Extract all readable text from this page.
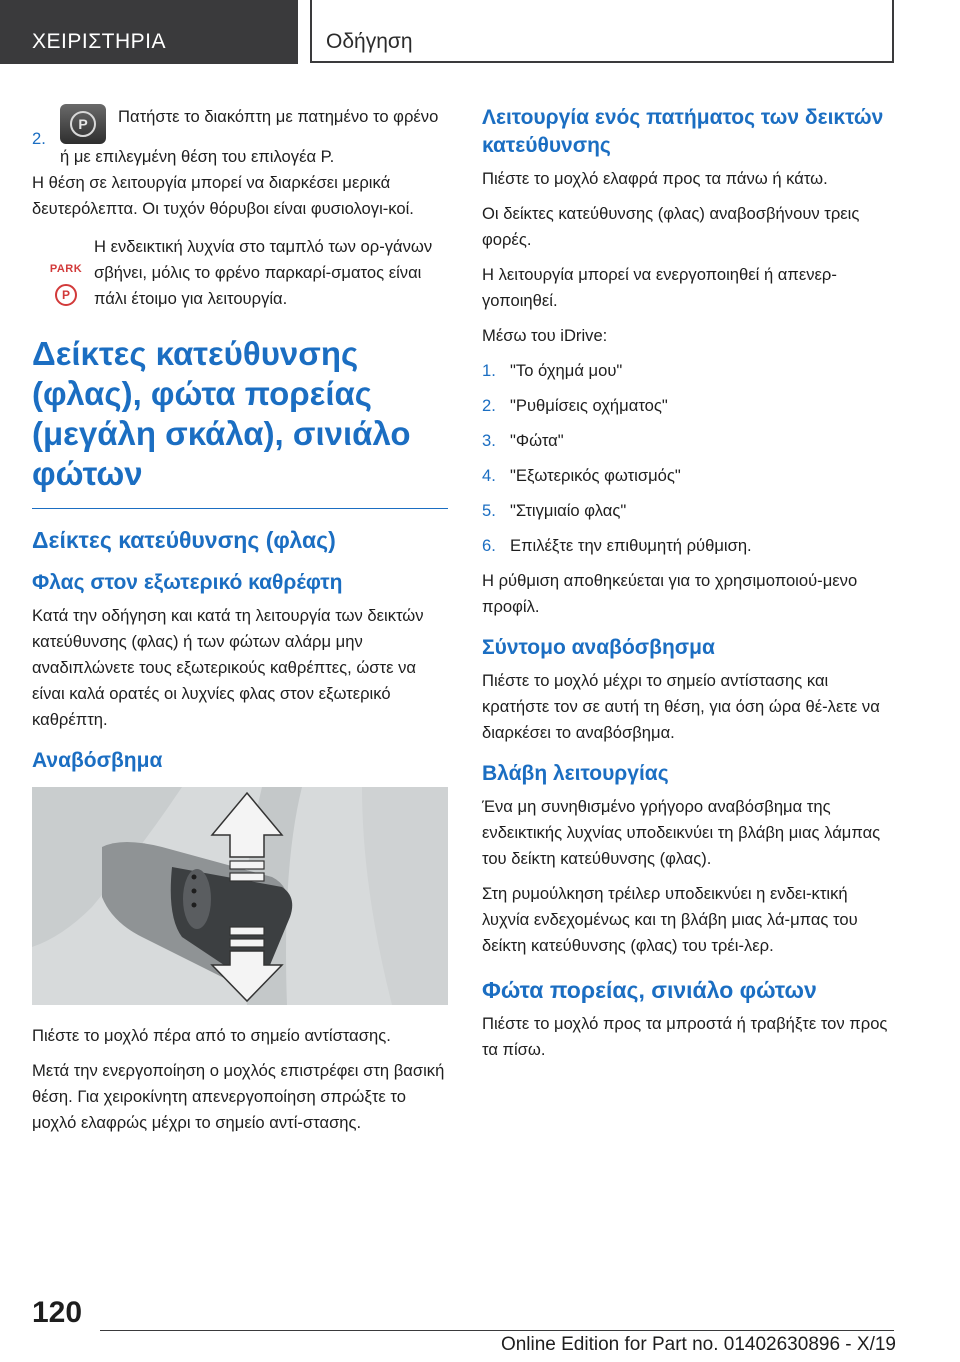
ΧΕΙΡΙΣΤΗΡΙΑ	Οδήγηση
2.
P	Πατήστε το διακόπτη με πατημένο το φρένο ή με επιλεγμένη θέση του επιλογέα P.

Η θέση σε λειτουργία μπορεί να διαρκέσει μερικά δευτερόλεπτα. Οι τυχόν θόρυβοι είναι φυσιολογι-κοί.

PARK
P
Η ενδεικτική λυχνία στο ταμπλό των ορ-γάνων σβήνει, μόλις το φρένο παρκαρί-σματος είναι πάλι έτοιμο για λειτουργία.
Δείκτες κατεύθυνσης (φλας), φώτα πορείας (μεγάλη σκάλα), σινιάλο φώτων
Δείκτες κατεύθυνσης (φλας)
Φλας στον εξωτερικό καθρέφτη

Κατά την οδήγηση και κατά τη λειτουργία των δεικτών κατεύθυνσης (φλας) ή των φώτων αλάρμ μην αναδιπλώνετε τους εξωτερικούς καθρέπτες, ώστε να είναι καλά ορατές οι λυχνίες φλας στον εξωτερικό καθρέπτη.

Αναβόσβημα

Πιέστε το μοχλό πέρα από το σημείο αντίστασης.

Μετά την ενεργοποίηση ο μοχλός επιστρέφει στη βασική θέση. Για χειροκίνητη απενεργοποίηση σπρώξτε το μοχλό ελαφρώς μέχρι το σημείο αντί-στασης.

Λειτουργία ενός πατήματος των δεικτών κατεύθυνσης

Πιέστε το μοχλό ελαφρά προς τα πάνω ή κάτω.

Οι δείκτες κατεύθυνσης (φλας) αναβοσβήνουν τρεις φορές.

Η λειτουργία μπορεί να ενεργοποιηθεί ή απενερ-γοποιηθεί.

Μέσω του iDrive:

1. "Το όχημά μου"
2. "Ρυθμίσεις οχήματος"
3. "Φώτα"
4. "Εξωτερικός φωτισμός"
5. "Στιγμιαίο φλας"
6. Επιλέξτε την επιθυμητή ρύθμιση.

Η ρύθμιση αποθηκεύεται για το χρησιμοποιού-μενο προφίλ.

Σύντομο αναβόσβησμα

Πιέστε το μοχλό μέχρι το σημείο αντίστασης και κρατήστε τον σε αυτή τη θέση, για όση ώρα θέ-λετε να διαρκέσει το αναβόσβημα.

Βλάβη λειτουργίας

Ένα μη συνηθισμένο γρήγορο αναβόσβημα της ενδεικτικής λυχνίας υποδεικνύει τη βλάβη μιας λάμπας του δείκτη κατεύθυνσης (φλας).

Στη ρυμούλκηση τρέιλερ υποδεικνύει η ενδει-κτική λυχνία ενδεχομένως και τη βλάβη μιας λά-μπας του δείκτη κατεύθυνσης (φλας) του τρέι-λερ.

Φώτα πορείας, σινιάλο φώτων

Πιέστε το μοχλό προς τα μπροστά ή τραβήξτε τον προς τα πίσω.

120
Online Edition for Part no. 01402630896 - X/19
